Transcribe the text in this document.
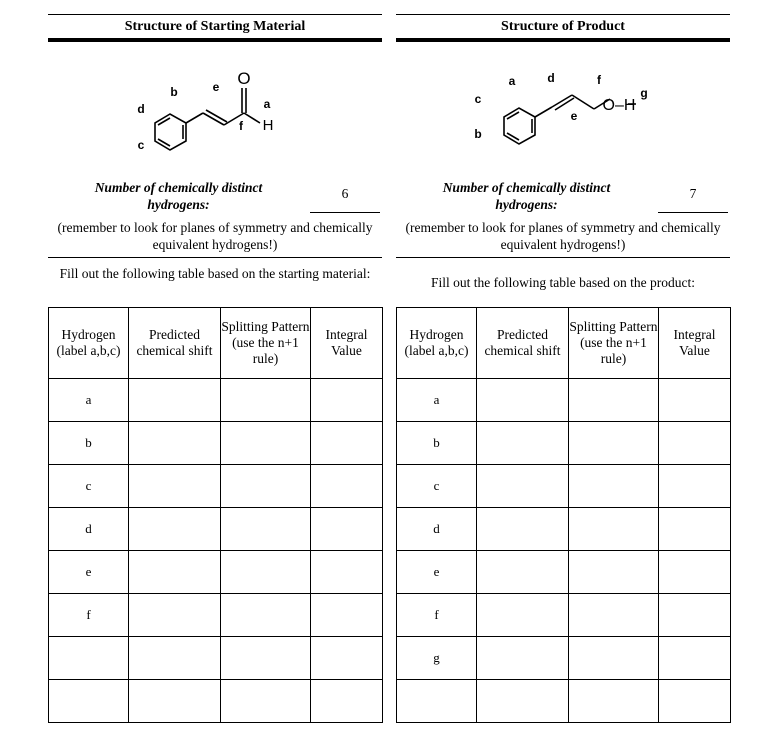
Structure of Starting Material
O
H
a
b
c
d
e
f
Number of chemically distinct hydrogens:
6
(remember to look for planes of symmetry and chemically equivalent hydrogens!)
Fill out the following table based on the starting material:
Hydrogen (label a,b,c)	Predicted chemical shift	Splitting Pattern (use the n+1 rule)	Integral Value
a			
b			
c			
d			
e			
f			

Structure of Product
O–H
a
b
c
d
e
f
g
Number of chemically distinct hydrogens:
7
(remember to look for planes of symmetry and chemically equivalent hydrogens!)
Fill out the following table based on the product:
Hydrogen (label a,b,c)	Predicted chemical shift	Splitting Pattern (use the n+1 rule)	Integral Value
a			
b			
c			
d			
e			
f			
g			
